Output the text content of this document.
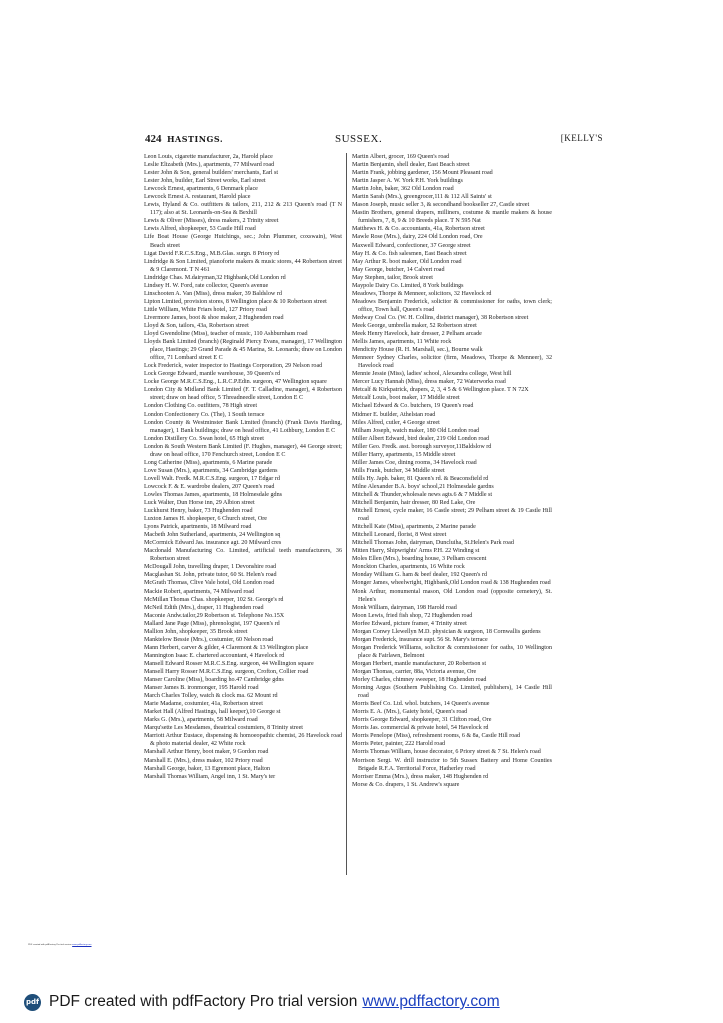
424 HASTINGS.	SUSSEX.	[KELLY'S
Leon Louis, cigarette manufacturer, 2a, Harold place
Leslie Elizabeth (Mrs.), apartments, 77 Milward road
Lester John & Son, general builders' merchants, Earl st
Lester John, builder, Earl Street works, Earl street
Lewcock Ernest, apartments, 6 Denmark place
Lewcock Ernest A. restaurant, Harold place
Lewis, Hyland & Co. outfitters & tailors, 211, 212 & 213 Queen's road (T N 117); also at St. Leonards-on-Sea & Bexhill
Lewis & Oliver (Misses), dress makers, 2 Trinity street
Lewis Alfred, shopkeeper, 53 Castle Hill road
Life Boat House (George Hutchings, sec.; John Plummer, coxswain), West Beach street
Ligat David F.R.C.S.Eng., M.B.Glas. surgn. 8 Priory rd
Lindridge & Son Limited, pianoforte makers & music stores, 44 Robertson street & 9 Claremont. T N 461
Lindridge Chas. M.dairyman,32 Highbank,Old London rd
Lindsey H. W. Ford, rate collector, Queen's avenue
Linschooten A. Van (Miss), dress maker, 39 Baldslow rd
Lipton Limited, provision stores, 8 Wellington place & 10 Robertson street
Little William, White Friars hotel, 127 Priory road
Livermore James, boot & shoe maker, 2 Hughenden road
Lloyd & Son, tailors, 43a, Robertson street
Lloyd Gwendoline (Miss), teacher of music, 110 Ashburnham road
Lloyds Bank Limited (branch) (Reginald Piercy Evans, manager), 17 Wellington place, Hastings; 29 Grand Parade & 45 Marina, St. Leonards; draw on London office, 71 Lombard street E C
Lock Frederick, water inspector to Hastings Corporation, 29 Nelson road
Lock George Edward, mantle warehouse, 39 Queen's rd
Locke George M.R.C.S.Eng., L.R.C.P.Edin. surgeon, 47 Wellington square
London City & Midland Bank Limited (F. T. Calladine, manager), 4 Robertson street; draw on head office, 5 Threadneedle street, London E C
London Clothing Co. outfitters, 78 High street
London Confectionery Co. (The), 1 South terrace
London County & Westminster Bank Limited (branch) (Frank Davis Harding, manager), 1 Bank buildings; draw on head office, 41 Lothbury, London E C
London Distillery Co. Swan hotel, 65 High street
London & South Western Bank Limited (F. Hughes, manager), 44 George street; draw on head office, 170 Fenchurch street, London E C
Long Catherine (Miss), apartments, 6 Marine parade
Love Susan (Mrs.), apartments, 34 Cambridge gardens
Lovell Walt. Fredk. M.R.C.S.Eng. surgeon, 17 Edgar rd
Lowcock F. & E. wardrobe dealers, 207 Queen's road
Lowles Thomas James, apartments, 18 Holmesdale gdns
Luck Walter, Dun Horse inn, 29 Albion street
Luckhurst Henry, baker, 73 Hughenden road
Luxton James H. shopkeeper, 6 Church street, Ore
Lyons Patrick, apartments, 18 Milward road
Macbeth John Sutherland, apartments, 24 Wellington sq
McCormick Edward Jas. insurance agt. 20 Milward cres
Macdonald Manufacturing Co. Limited, artificial teeth manufacturers, 36 Robertson street
McDougall John, travelling draper, 1 Devonshire road
Macglashan St. John, private tutor, 60 St. Helen's road
McGrath Thomas, Clive Vale hotel, Old London road
Mackie Robert, apartments, 74 Milward road
McMillan Thomas Chas. shopkeeper, 102 St. George's rd
McNeil Edith (Mrs.), draper, 11 Hughenden road
Maconie Andw.tailor,29 Robertson st. Telephone No.15X
Mallard Jane Page (Miss), phrenologist, 197 Queen's rd
Mallion John, shopkeeper, 35 Brook street
Manktelow Bessie (Mrs.), costumier, 60 Nelson road
Mann Herbert, carver & gilder, 4 Claremont & 13 Wellington place
Mannington Isaac E. chartered accountant, 4 Havelock rd
Mansell Edward Rosser M.R.C.S.Eng. surgeon, 44 Wellington square
Mansell Harry Rosser M.R.C.S.Eng. surgeon, Crofton, Collier road
Manser Caroline (Miss), boarding ho.47 Cambridge gdns
Manser James B. ironmonger, 195 Harold road
March Charles Tolley, watch & clock ma. 62 Mount rd
Marie Madame, costumier, 41a, Robertson street
Market Hall (Alfred Hastings, hall keeper),10 George st
Marks G. (Mrs.), apartments, 58 Milward road
Marqu'sette Les Mesdames, theatrical costumiers, 8 Trinity street
Marriott Arthur Eustace, dispensing & homoeopathic chemist, 26 Havelock road & photo material dealer, 42 White rock
Marshall Arthur Henry, boot maker, 9 Gordon road
Marshall E. (Mrs.), dress maker, 102 Priory road
Marshall George, baker, 13 Egremont place, Halton
Marshall Thomas William, Angel inn, 1 St. Mary's ter
Martin Albert, grocer, 169 Queen's road
Martin Benjamin, shell dealer, East Beach street
Martin Frank, jobbing gardener, 156 Mount Pleasant road
Martin Jasper A. W. York P.H. York buildings
Martin John, baker, 362 Old London road
Martin Sarah (Mrs.), greengrocer,111 & 112 All Saints' st
Mason Joseph, music seller 3, & secondhand bookseller 27, Castle street
Mastin Brothers, general drapers, milliners, costume & mantle makers & house furnishers, 7, 8, 9 & 10 Breeds place. T N 595 Nat
Matthews H. & Co. accountants, 41a, Robertson street
Mawle Rose (Mrs.), dairy, 224 Old London road, Ore
Maxwell Edward, confectioner, 37 George street
May H. & Co. fish salesmen, East Beach street
May Arthur R. boot maker, Old London road
May George, butcher, 14 Calvert road
May Stephen, tailor, Brook street
Maypole Dairy Co. Limited, 8 York buildings
Meadows, Thorpe & Menneer, solicitors, 32 Havelock rd
Meadows Benjamin Frederick, solicitor & commissioner for oaths, town clerk; office, Town hall, Queen's road
Medway Coal Co. (W. H. Collins, district manager), 38 Robertson street
Meek George, umbrella maker, 52 Robertson street
Meek Henry Havelock, hair dresser, 2 Pelham arcade
Mellis James, apartments, 11 White rock
Mendicity House (R. H. Marshall, sec.), Bourne walk
Menneer Sydney Charles, solicitor (firm, Meadows, Thorpe & Menneer), 32 Havelock road
Mennie Jessie (Miss), ladies' school, Alexandra college, West hill
Mercer Lucy Hannah (Miss), dress maker, 72 Waterworks road
Metcalf & Kirkpatrick, drapers, 2, 3, 4 5 & 6 Wellington place. T N 72X
Metcalf Louis, boot maker, 17 Middle street
Michael Edward & Co. butchers, 19 Queen's road
Midmer E. builder, Athelstan road
Miles Alfred, cutler, 4 George street
Milham Joseph, watch maker, 180 Old London road
Miller Albert Edward, bird dealer, 219 Old London road
Miller Geo. Fredk. asst. borough surveyor,11Baldslow rd
Miller Harry, apartments, 15 Middle street
Miller James Coe, dining rooms, 34 Havelock road
Mills Frank, butcher, 34 Middle street
Mills Hy. Japh. baker, 81 Queen's rd. & Beaconsfield rd
Milne Alexander B.A. boys' school,21 Holmesdale gardns
Mitchell & Thunder,wholesale news agts.6 & 7 Middle st
Mitchell Benjamin, hair dresser, 80 Red Lake, Ore
Mitchell Ernest, cycle maker, 16 Castle street; 29 Pelham street & 19 Castle Hill road
Mitchell Kate (Miss), apartments, 2 Marine parade
Mitchell Leonard, florist, 8 West street
Mitchell Thomas John, dairyman, Duncluiha, St.Helen's Park road
Mitten Harry, Shipwrights' Arms P.H. 22 Winding st
Moles Ellen (Mrs.), boarding house, 3 Pelham crescent
Monckton Charles, apartments, 16 White rock
Monday William G. ham & beef dealer, 192 Queen's rd
Monger James, wheelwright, Highbank,Old London road & 138 Hughenden road
Monk Arthur, monumental mason, Old London road (opposite cemetery), St. Helen's
Monk William, dairyman, 198 Harold road
Moon Lewis, fried fish shop, 72 Hughenden road
Morfee Edward, picture framer, 4 Trinity street
Morgan Conwy Llewellyn M.D. physician & surgeon, 18 Cornwallis gardens
Morgan Frederick, insurance supt. 56 St. Mary's terrace
Morgan Frederick Williams, solicitor & commissioner for oaths, 10 Wellington place & Fairlawn, Belmont
Morgan Herbert, mantle manufacturer, 20 Robertson st
Morgan Thomas, carrier, 88a, Victoria avenue, Ore
Morley Charles, chimney sweeper, 18 Hughenden road
Morning Argus (Southern Publishing Co. Limited, publishers), 14 Castle Hill road
Morris Beef Co. Ltd. whol. butchers, 14 Queen's avenue
Morris E. A. (Mrs.), Gaiety hotel, Queen's road
Morris George Edward, shopkeeper, 31 Clifton road, Ore
Morris Jas. commercial & private hotel, 54 Havelock rd
Morris Penelope (Miss), refreshment rooms, 6 & 8a, Castle Hill road
Morris Peter, painter, 222 Harold road
Morris Thomas William, house decorator, 6 Priory street & 7 St. Helen's road
Morrison Sergt. W. drill instructor to 5th Sussex Battery and Home Counties Brigade R.F.A. Territorial Force, Hatherley road
Morriser Emma (Mrs.), dress maker, 148 Hughenden rd
Morse & Co. drapers, 1 St. Andrew's square
PDF created with pdfFactory Pro trial version www.pdffactory.com
pdf PDF created with pdfFactory Pro trial version www.pdffactory.com
